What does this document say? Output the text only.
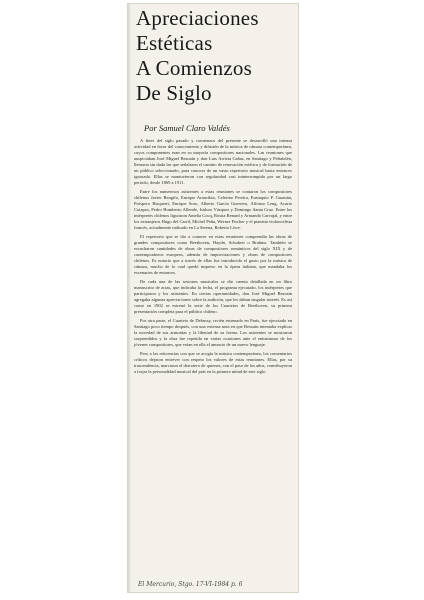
Apreciaciones
Estéticas
A Comienzos
De Siglo
Por Samuel Claro Valdés

A fines del siglo pasado y comienzos del presente se desarrolló una intensa actividad en favor del conocimiento y difusión de la música de cámara contemporánea, cuyos componentes eran en su mayoría compositores nacionales. Las reuniones que auspiciaban José Miguel Besoaín y don Luis Arrieta Cañas, en Santiago y Peñalolén, llenaron sin duda las que señalaron el camino de renovación estética y de formación de un público seleccionado, para conocer de un vasto repertorio musical hasta entonces ignorado. Ellas se mantuvieron con regularidad casi ininterrumpida por un largo período, desde 1869 a 1911.

Entre los numerosos asistentes a estas reuniones se contaron los compositores chilenos Javier Rengifo, Enrique Arancibia, Celerino Pereira, Eustaquio P. Guzmán, Próspero Bisquertt, Enrique Soro, Alberto García Guerrero, Alfonso Leng, Acario Cotapos, Pedro Humberto Allende, Isidoro Vázquez y Domingo Santa Cruz. Entre los intérpretes chilenos figuraron Amelia Cocq, Rosita Renard y Armando Carvajal, y entre los extranjeros Hugo del Carril, Michel Peña, Werner Fischer y el pianista violoncelista francés, actualmente radicado en La Serena, Roberto Lívre.

El repertorio que se dio a conocer en estas reuniones comprendía las obras de grandes compositores como Beethoven, Haydn, Schubert o Brahms. También se escucharon cantidades de obras de compositores románticos del siglo XIX y de contemporáneos europeos, además de improvisaciones y obras de compositores chilenos. Es notorio que a través de ellas fue introducido el gusto por la música de cámara, mucho de lo cual quedó impreso en la ópera italiana, que mandaba los escenarios de entonces.

De cada una de las sesiones musicales se dio cuenta detallada en un libro manuscrito de actas, que indicaba la fecha, el programa ejecutado, los intérpretes que participaron y los asistentes. En ciertas oportunidades, don José Miguel Besoaín agregaba algunas apreciaciones sobre la audición, que les daban singular interés. Es así como en 1902 se estrenó la serie de los Cuartetos de Beethoven, su primera presentación completa para el público chileno.

Por otra parte, el Cuarteto de Debussy, recién estrenado en París, fue ejecutado en Santiago poco tiempo después, con una extensa nota en que Besoaín intentaba explicar la novedad de sus armonías y la libertad de su forma. Los asistentes se mostraron sorprendidos y la obra fue repetida en varias ocasiones ante el entusiasmo de los jóvenes compositores, que veían en ella el anuncio de un nuevo lenguaje.

Pero a las reticencias con que se acogía la música contemporánea, los comentarios críticos dejaron entrever con respeto los valores de estas reuniones. Ellas, por su trascendencia, marcaron el derrotero de quienes, con el paso de los años, contribuyeron a forjar la personalidad musical del país en la primera mitad de este siglo.

El Mercurio, Stgo. 17-VI-1984 p. 6
